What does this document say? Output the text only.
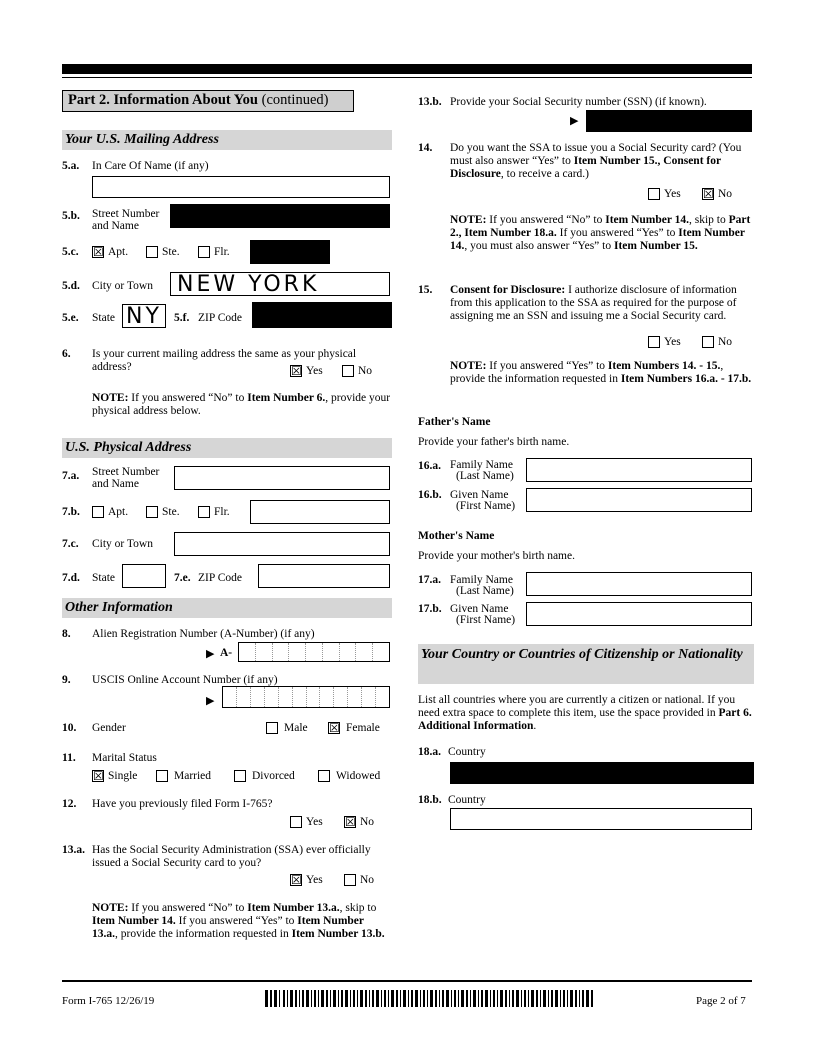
Part 2. Information About You (continued)
Your U.S. Mailing Address
5.a. In Care Of Name (if any)
5.b. Street Number
and Name
5.c. ☒ Apt.	Ste.	Flr.
5.d. City or Town	NEW YORK
5.e. State NY	5.f. ZIP Code
6. Is your current mailing address the same as your physical address?	☒ Yes	No
NOTE: If you answered “No” to Item Number 6., provide your physical address below.
U.S. Physical Address
7.a. Street Number
and Name
7.b. Apt.	Ste.	Flr.
7.c. City or Town
7.d. State	7.e. ZIP Code
Other Information
8. Alien Registration Number (A-Number) (if any)
▶ A-
9. USCIS Online Account Number (if any)
▶
10. Gender	Male ☒ Female
11. Marital Status
☒ Single	Married	Divorced	Widowed
12. Have you previously filed Form I-765?
Yes ☒ No
13.a. Has the Social Security Administration (SSA) ever officially issued a Social Security card to you?
☒ Yes	No
NOTE: If you answered “No” to Item Number 13.a., skip to Item Number 14. If you answered “Yes” to Item Number 13.a., provide the information requested in Item Number 13.b.
13.b. Provide your Social Security number (SSN) (if known).
▶
14. Do you want the SSA to issue you a Social Security card? (You must also answer “Yes” to Item Number 15., Consent for Disclosure, to receive a card.)
Yes ☒ No
NOTE: If you answered “No” to Item Number 14., skip to Part 2., Item Number 18.a. If you answered “Yes” to Item Number 14., you must also answer “Yes” to Item Number 15.
15. Consent for Disclosure: I authorize disclosure of information from this application to the SSA as required for the purpose of assigning me an SSN and issuing me a Social Security card.
Yes	No
NOTE: If you answered “Yes” to Item Numbers 14. - 15., provide the information requested in Item Numbers 16.a. - 17.b.
Father's Name
Provide your father's birth name.
16.a. Family Name
(Last Name)
16.b. Given Name
(First Name)
Mother's Name
Provide your mother's birth name.
17.a. Family Name
(Last Name)
17.b. Given Name
(First Name)
Your Country or Countries of Citizenship or Nationality
List all countries where you are currently a citizen or national. If you need extra space to complete this item, use the space provided in Part 6. Additional Information.
18.a. Country
18.b. Country
Form I-765 12/26/19	Page 2 of 7
